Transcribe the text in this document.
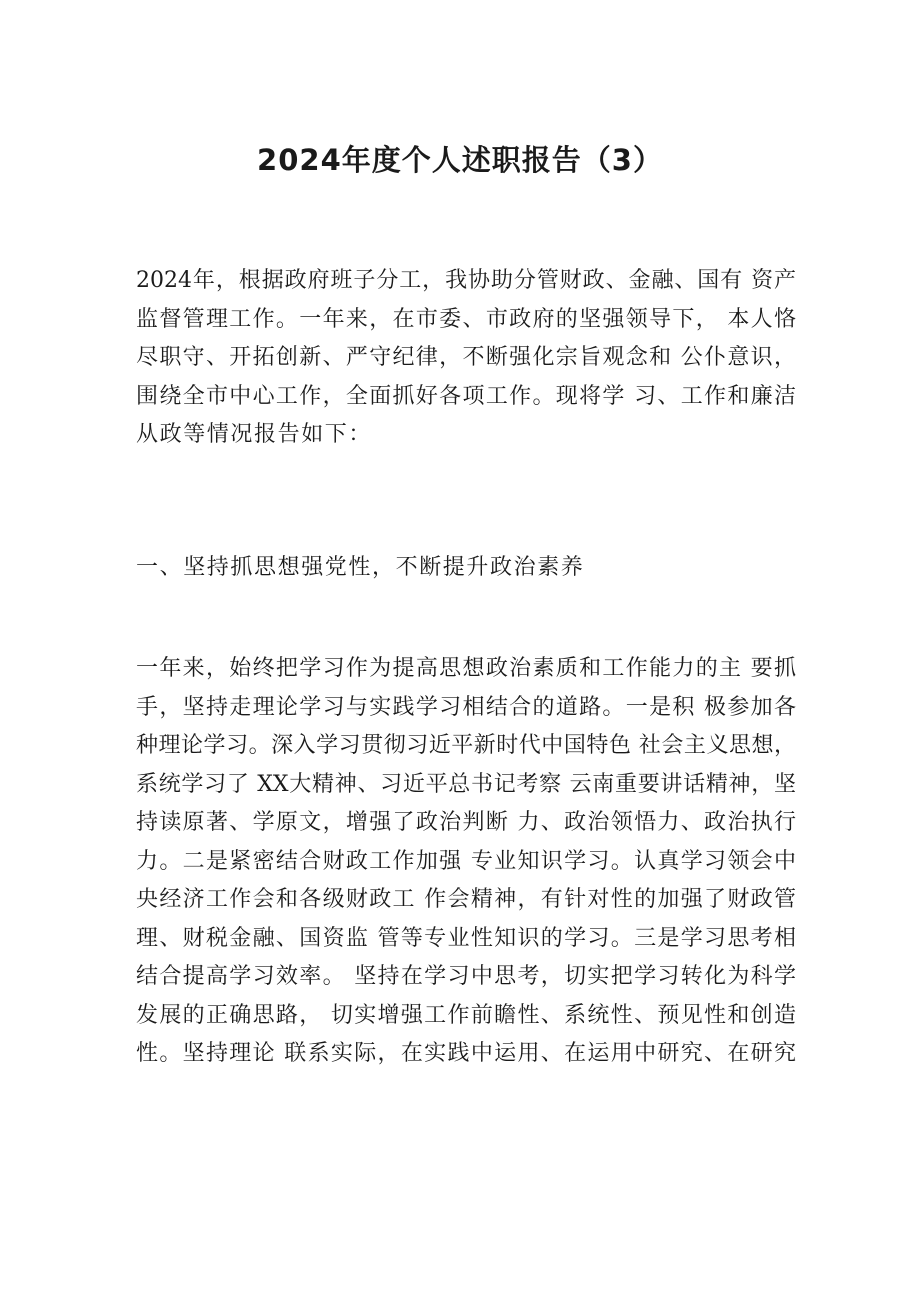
2024年度个人述职报告（3）
2024年，根据政府班子分工，我协助分管财政、金融、国有 资产
监督管理工作。一年来，在市委、市政府的坚强领导下， 本人恪
尽职守、开拓创新、严守纪律，不断强化宗旨观念和 公仆意识，
围绕全市中心工作，全面抓好各项工作。现将学 习、工作和廉洁
从政等情况报告如下：
一、坚持抓思想强党性，不断提升政治素养
一年来，始终把学习作为提高思想政治素质和工作能力的主 要抓
手，坚持走理论学习与实践学习相结合的道路。一是积 极参加各
种理论学习。深入学习贯彻习近平新时代中国特色 社会主义思想，
系统学习了 XX大精神、习近平总书记考察 云南重要讲话精神，坚
持读原著、学原文，增强了政治判断 力、政治领悟力、政治执行
力。二是紧密结合财政工作加强 专业知识学习。认真学习领会中
央经济工作会和各级财政工 作会精神，有针对性的加强了财政管
理、财税金融、国资监 管等专业性知识的学习。三是学习思考相
结合提高学习效率。 坚持在学习中思考，切实把学习转化为科学
发展的正确思路， 切实增强工作前瞻性、系统性、预见性和创造
性。坚持理论 联系实际，在实践中运用、在运用中研究、在研究
